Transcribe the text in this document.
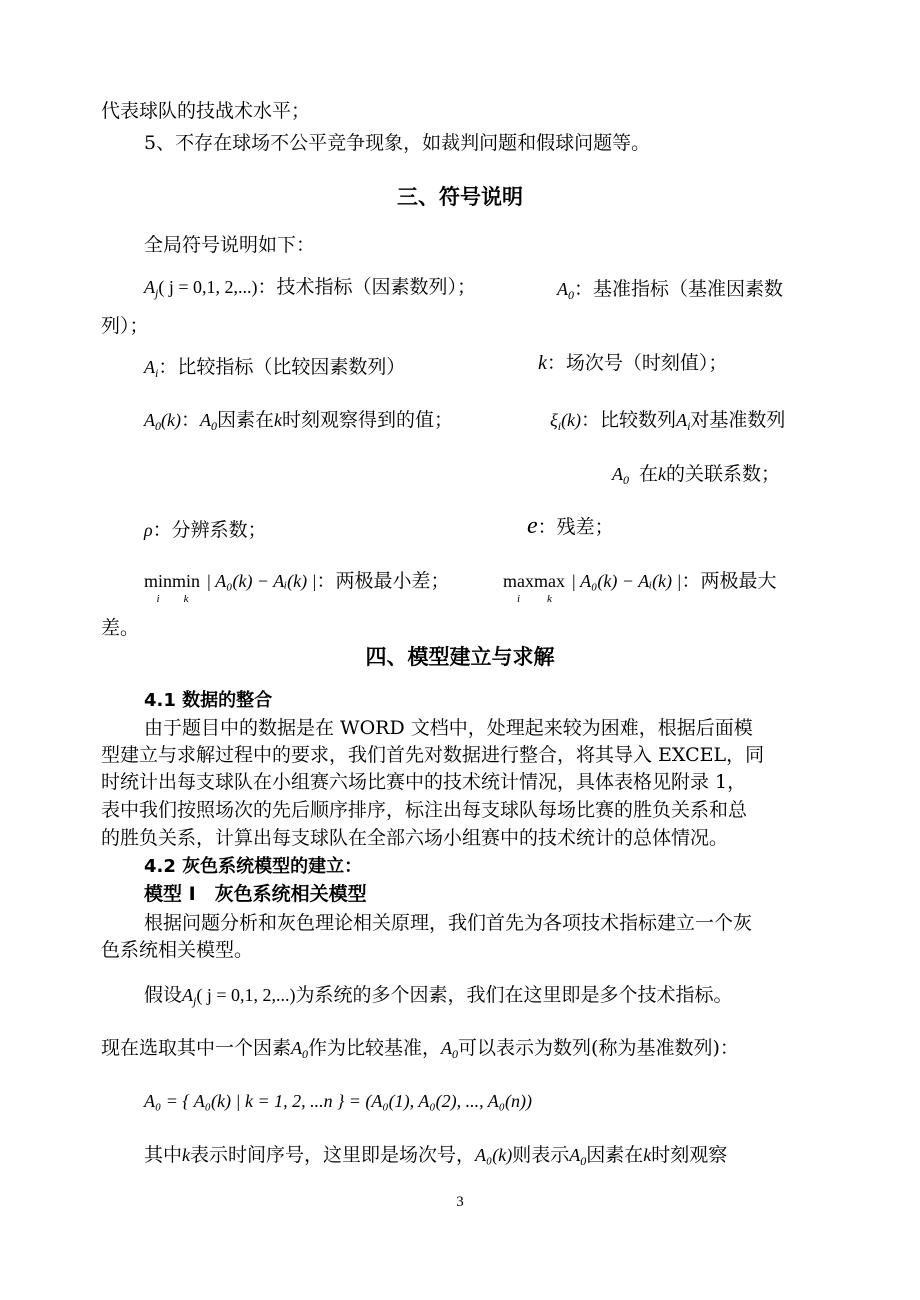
代表球队的技战术水平；
5、不存在球场不公平竞争现象，如裁判问题和假球问题等。
三、符号说明
全局符号说明如下：
$A_j$( j = 0,1, 2,...)：技术指标（因素数列）；	$A_0$：基准指标（基准因素数
列）；
$A_i$：比较指标（比较因素数列）	k：场次号（时刻值）；
$A_0(k)$：$A_0$因素在k时刻观察得到的值；	$\xi_i(k)$：比较数列$A_i$对基准数列
$A_0$ 在k的关联系数；
ρ：分辨系数；	e：残差；
min
i
min
k
| A₀(k) − Aᵢ(k) |：两极最小差；	max
i
max
k
| A₀(k) − Aᵢ(k) |：两极最大
差。
四、模型建立与求解
4.1 数据的整合
由于题目中的数据是在 WORD 文档中，处理起来较为困难，根据后面模
型建立与求解过程中的要求，我们首先对数据进行整合，将其导入 EXCEL，同
时统计出每支球队在小组赛六场比赛中的技术统计情况，具体表格见附录 1，
表中我们按照场次的先后顺序排序，标注出每支球队每场比赛的胜负关系和总
的胜负关系，计算出每支球队在全部六场小组赛中的技术统计的总体情况。
4.2 灰色系统模型的建立：
模型 I　灰色系统相关模型
根据问题分析和灰色理论相关原理，我们首先为各项技术指标建立一个灰
色系统相关模型。
假设$A_j$( j = 0,1, 2,...)为系统的多个因素，我们在这里即是多个技术指标。
现在选取其中一个因素$A_0$作为比较基准，$A_0$可以表示为数列(称为基准数列)：
A₀ = { A₀(k) | k = 1, 2, ...n } = (A₀(1), A₀(2), ..., A₀(n))
其中k表示时间序号，这里即是场次号，A₀(k)则表示$A_0$因素在k时刻观察
3
